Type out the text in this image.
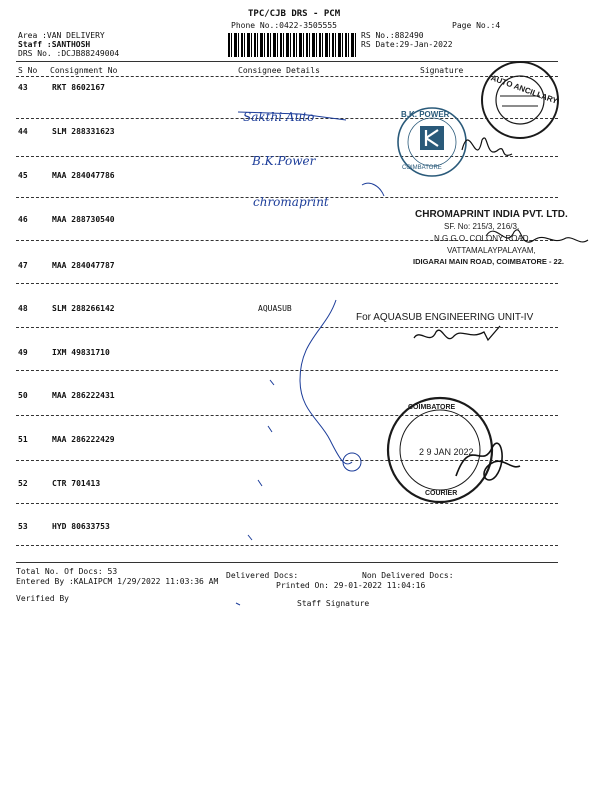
TPC/CJB DRS - PCM
Phone No.:0422-3505555	Page No.:4
Area :VAN DELIVERY
Staff :SANTHOSH
DRS No. :DCJB88249004
RS No.:882490
RS Date:29-Jan-2022
S No Consignment No	Consignee Details	Signature
43	RKT 8602167
44	SLM 288331623
45	MAA 284047786
46	MAA 288730540
47	MAA 284047787
48	SLM 288266142	AQUASUB
49	IXM 49831710
50	MAA 286222431
51	MAA 286222429
52	CTR 701413
53	HYD 80633753
Sakthi Auto
B.K.Power
chromaprint
AUTO ANCILLARY
B.K. POWER
COIMBATORE
CHROMAPRINT INDIA PVT. LTD.
SF. No: 215/3, 216/3,
N.G.G.O. COLONY ROAD,
VATTAMALAYPALAYAM,
IDIGARAI MAIN ROAD, COIMBATORE - 22.
For AQUASUB ENGINEERING UNIT-IV
COIMBATORE
2 9 JAN 2022
COURIER
Total No. Of Docs: 53	Delivered Docs:	Non Delivered Docs:
Entered By :KALAIPCM 1/29/2022 11:03:36 AM	Printed On: 29-01-2022 11:04:16
Verified By
Staff Signature
